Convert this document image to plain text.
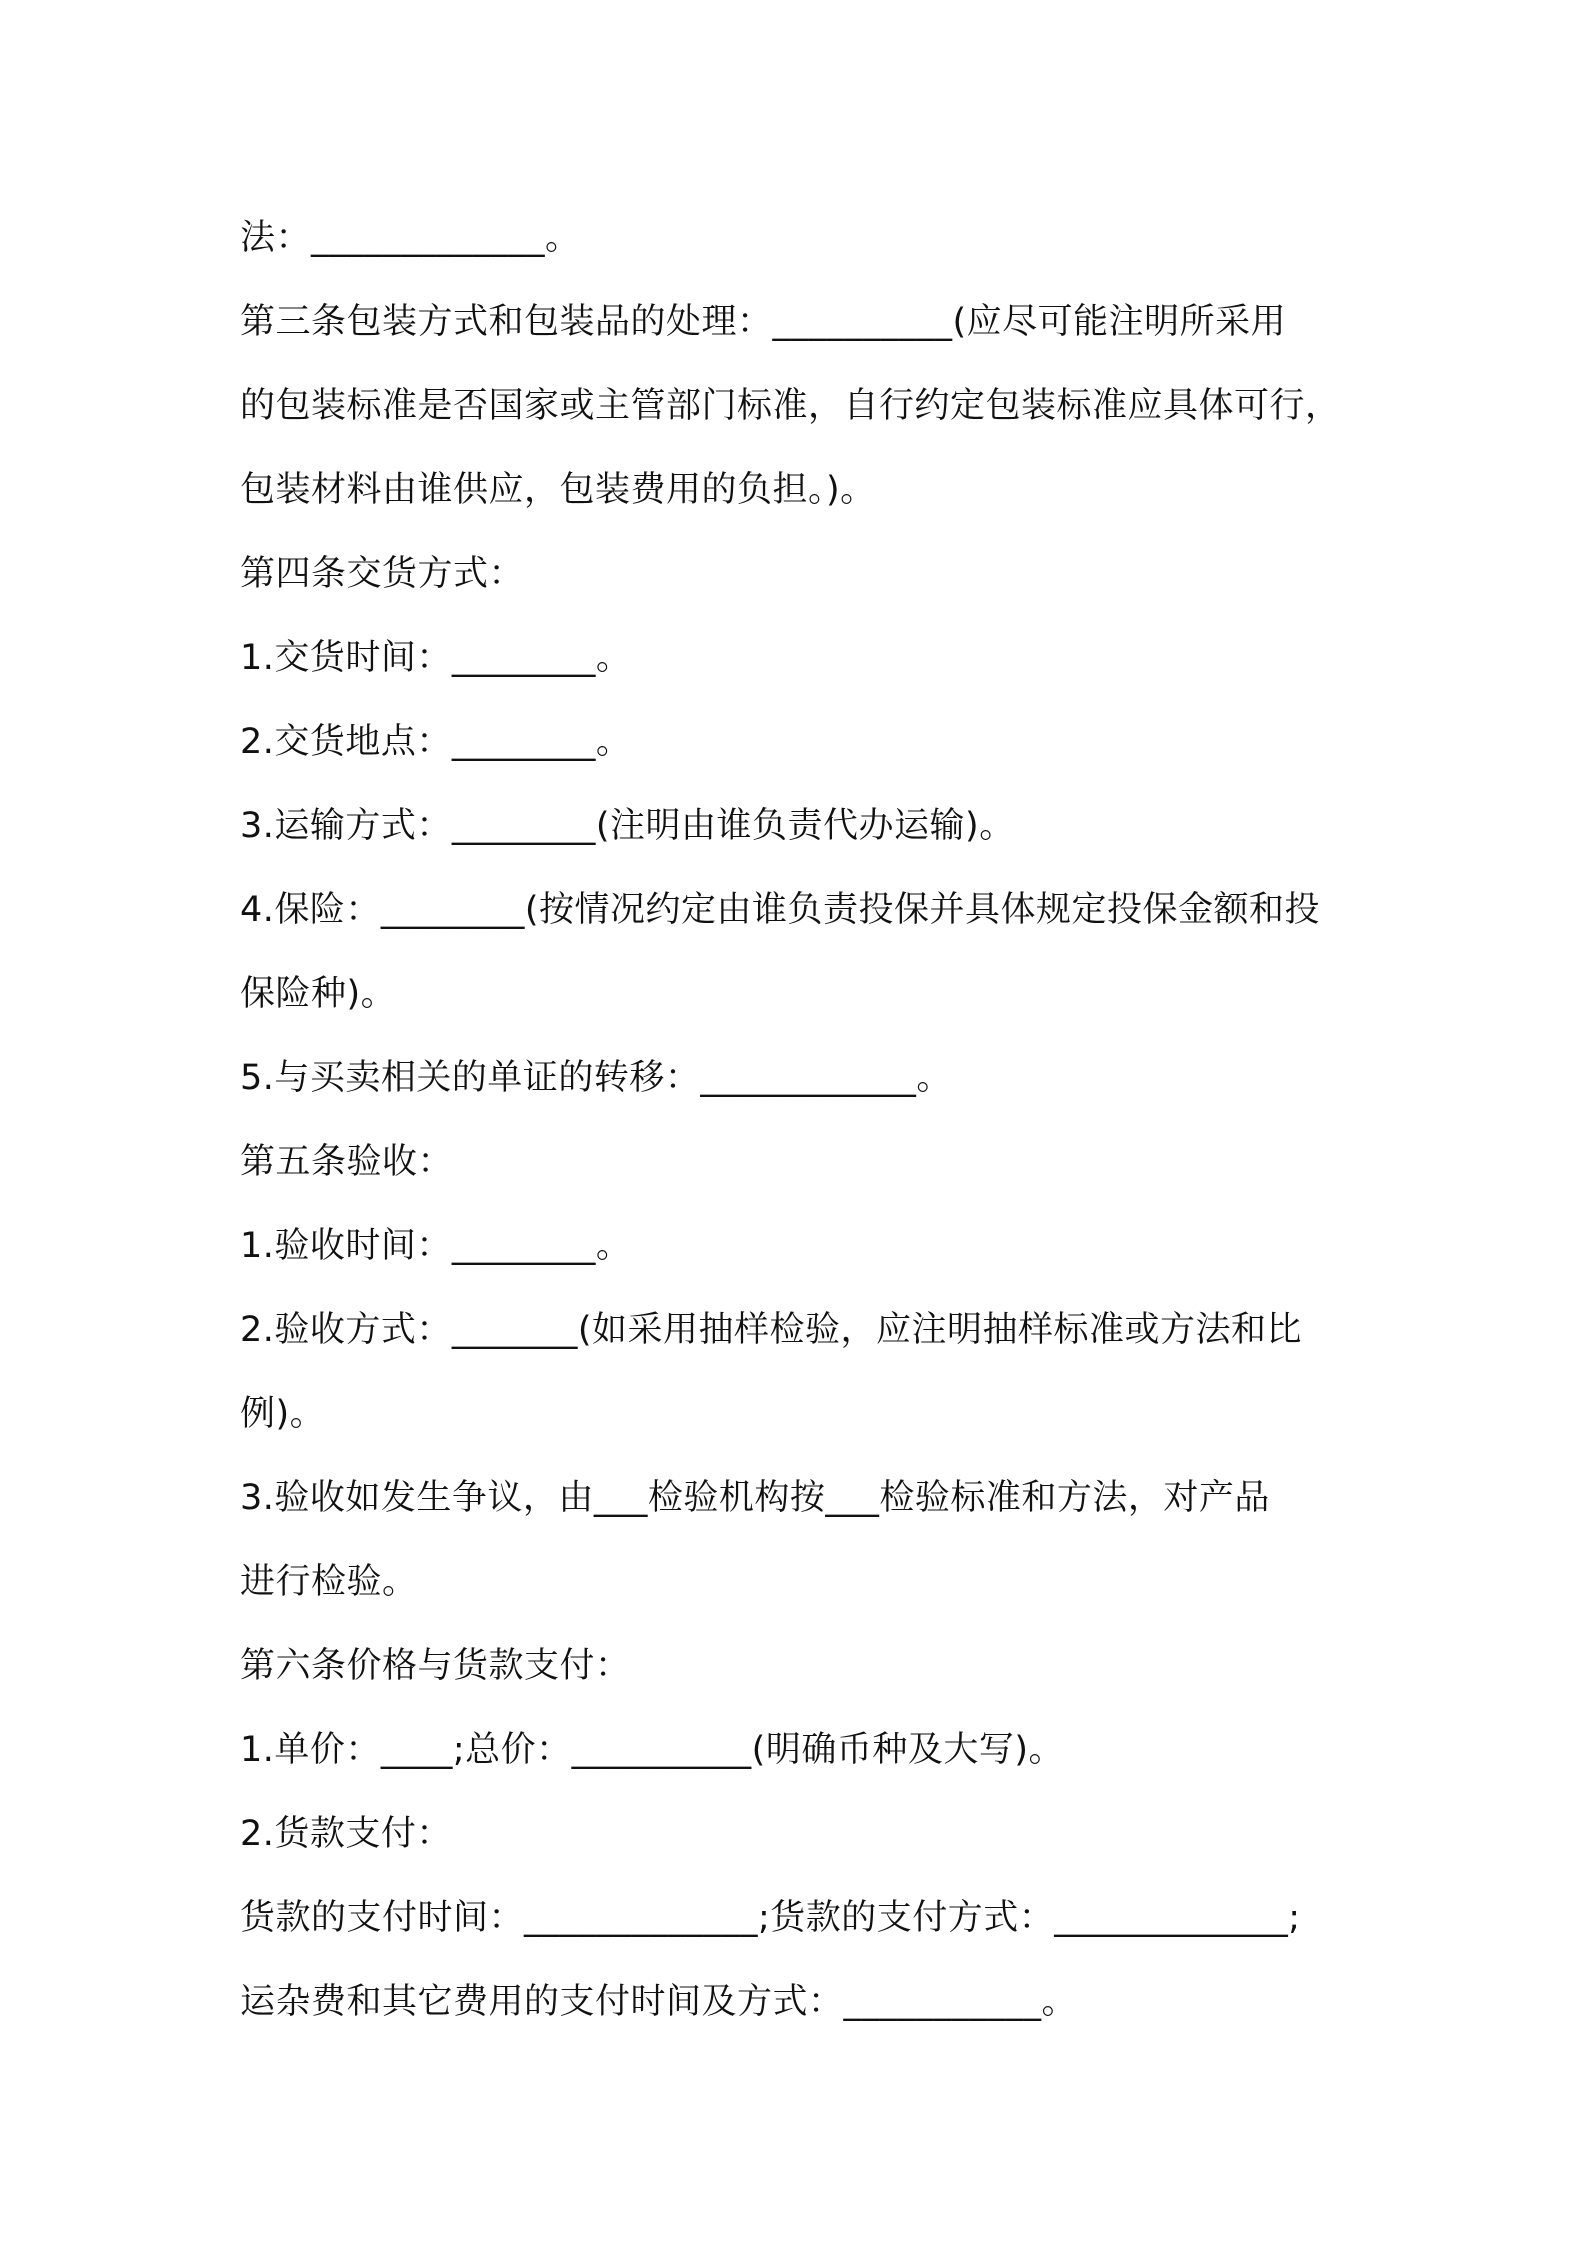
法：_____________。
第三条包装方式和包装品的处理：__________(应尽可能注明所采用
的包装标准是否国家或主管部门标准，自行约定包装标准应具体可行，
包装材料由谁供应，包装费用的负担。)。
第四条交货方式：
1.交货时间：________。
2.交货地点：________。
3.运输方式：________(注明由谁负责代办运输)。
4.保险：________(按情况约定由谁负责投保并具体规定投保金额和投
保险种)。
5.与买卖相关的单证的转移：____________。
第五条验收：
1.验收时间：________。
2.验收方式：_______(如采用抽样检验，应注明抽样标准或方法和比
例)。
3.验收如发生争议，由___检验机构按___检验标准和方法，对产品
进行检验。
第六条价格与货款支付：
1.单价：____;总价：__________(明确币种及大写)。
2.货款支付：
货款的支付时间：_____________;货款的支付方式：_____________;
运杂费和其它费用的支付时间及方式：___________。
